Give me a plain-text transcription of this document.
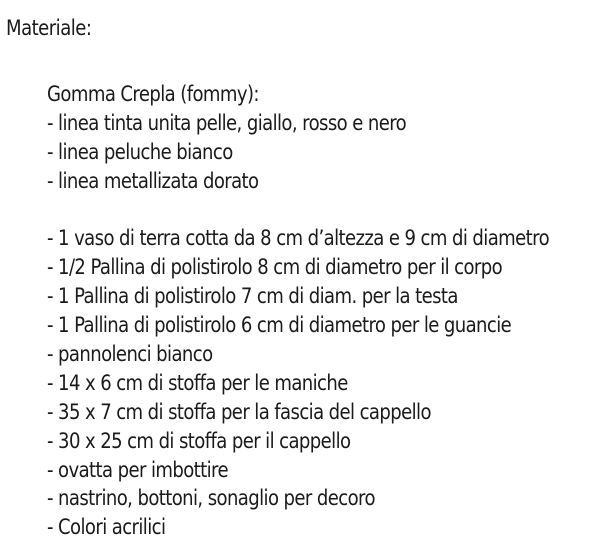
Materiale:
Gomma Crepla (fommy):
- linea tinta unita pelle, giallo, rosso e nero
- linea peluche bianco
- linea metallizata dorato
- 1 vaso di terra cotta da 8 cm d’altezza e 9 cm di diametro
- 1/2 Pallina di polistirolo 8 cm di diametro per il corpo
- 1 Pallina di polistirolo 7 cm di diam. per la testa
- 1 Pallina di polistirolo 6 cm di diametro per le guancie
- pannolenci bianco
- 14 x 6 cm di stoffa per le maniche
- 35 x 7 cm di stoffa per la fascia del cappello
- 30 x 25 cm di stoffa per il cappello
- ovatta per imbottire
- nastrino, bottoni, sonaglio per decoro
- Colori acrilici
